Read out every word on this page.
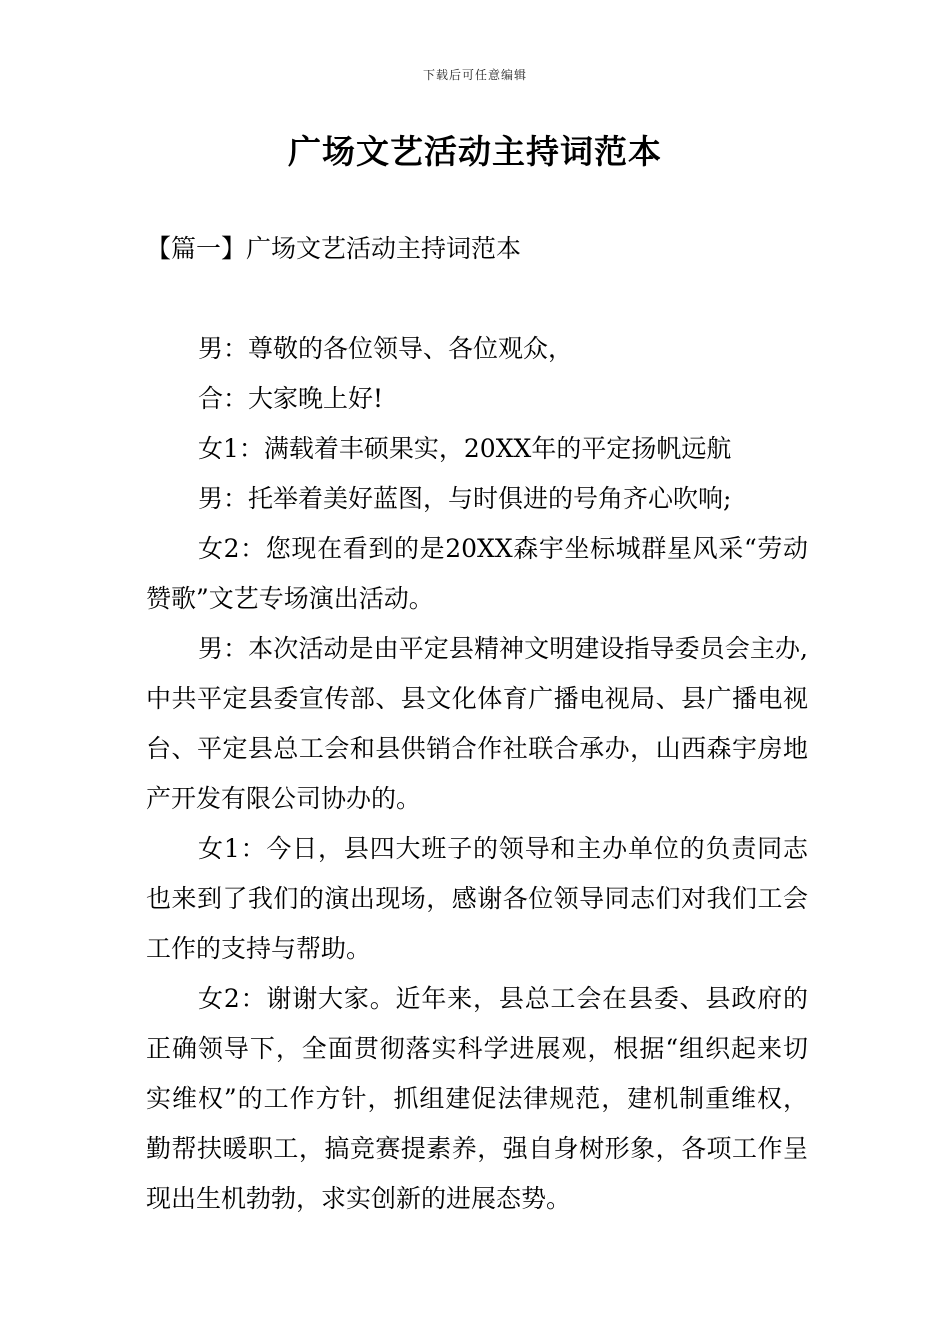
下载后可任意编辑
广场文艺活动主持词范本
【篇一】广场文艺活动主持词范本

男：尊敬的各位领导、各位观众，

合：大家晚上好!

女1：满载着丰硕果实，20XX年的平定扬帆远航

男：托举着美好蓝图，与时俱进的号角齐心吹响;

女2：您现在看到的是20XX森宇坐标城群星风采“劳动赞歌”文艺专场演出活动。

男：本次活动是由平定县精神文明建设指导委员会主办,中共平定县委宣传部、县文化体育广播电视局、县广播电视台、平定县总工会和县供销合作社联合承办，山西森宇房地产开发有限公司协办的。

女1：今日，县四大班子的领导和主办单位的负责同志也来到了我们的演出现场，感谢各位领导同志们对我们工会工作的支持与帮助。

女2：谢谢大家。近年来，县总工会在县委、县政府的正确领导下，全面贯彻落实科学进展观，根据“组织起来切实维权”的工作方针，抓组建促法律规范，建机制重维权，勤帮扶暖职工，搞竞赛提素养，强自身树形象，各项工作呈现出生机勃勃，求实创新的进展态势。
